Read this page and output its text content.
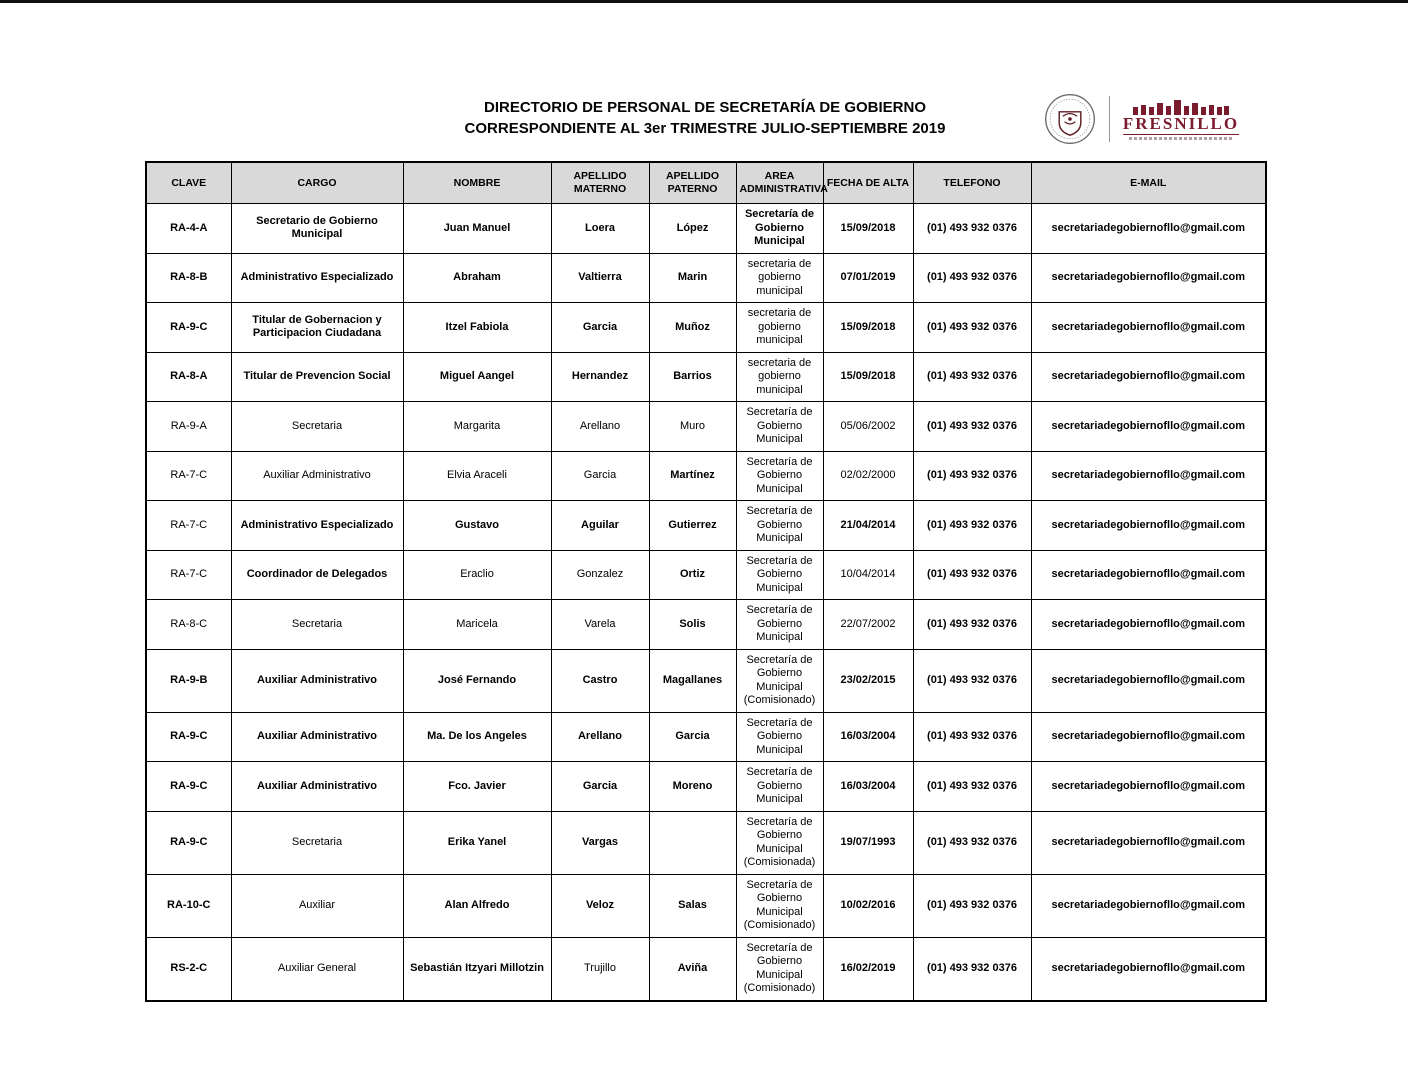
DIRECTORIO DE PERSONAL DE SECRETARÍA DE GOBIERNO
CORRESPONDIENTE AL 3er TRIMESTRE JULIO-SEPTIEMBRE 2019	FRESNILLO
CLAVE	CARGO	NOMBRE	APELLIDO MATERNO	APELLIDO PATERNO	AREA ADMINISTRATIVA	FECHA DE ALTA	TELEFONO	E-MAIL
RA-4-A	Secretario de Gobierno Municipal	Juan Manuel	Loera	López	Secretaría de Gobierno Municipal	15/09/2018	(01) 493 932 0376	secretariadegobiernofllo@gmail.com
RA-8-B	Administrativo Especializado	Abraham	Valtierra	Marin	secretaria de gobierno municipal	07/01/2019	(01) 493 932 0376	secretariadegobiernofllo@gmail.com
RA-9-C	Titular de Gobernacion y Participacion Ciudadana	Itzel Fabiola	Garcia	Muñoz	secretaria de gobierno municipal	15/09/2018	(01) 493 932 0376	secretariadegobiernofllo@gmail.com
RA-8-A	Titular de Prevencion Social	Miguel Aangel	Hernandez	Barrios	secretaria de gobierno municipal	15/09/2018	(01) 493 932 0376	secretariadegobiernofllo@gmail.com
RA-9-A	Secretaria	Margarita	Arellano	Muro	Secretaría de Gobierno Municipal	05/06/2002	(01) 493 932 0376	secretariadegobiernofllo@gmail.com
RA-7-C	Auxiliar Administrativo	Elvia Araceli	Garcia	Martínez	Secretaría de Gobierno Municipal	02/02/2000	(01) 493 932 0376	secretariadegobiernofllo@gmail.com
RA-7-C	Administrativo Especializado	Gustavo	Aguilar	Gutierrez	Secretaría de Gobierno Municipal	21/04/2014	(01) 493 932 0376	secretariadegobiernofllo@gmail.com
RA-7-C	Coordinador de Delegados	Eraclio	Gonzalez	Ortiz	Secretaría de Gobierno Municipal	10/04/2014	(01) 493 932 0376	secretariadegobiernofllo@gmail.com
RA-8-C	Secretaria	Maricela	Varela	Solis	Secretaría de Gobierno Municipal	22/07/2002	(01) 493 932 0376	secretariadegobiernofllo@gmail.com
RA-9-B	Auxiliar Administrativo	José Fernando	Castro	Magallanes	Secretaría de Gobierno Municipal (Comisionado)	23/02/2015	(01) 493 932 0376	secretariadegobiernofllo@gmail.com
RA-9-C	Auxiliar Administrativo	Ma. De los Angeles	Arellano	Garcia	Secretaría de Gobierno Municipal	16/03/2004	(01) 493 932 0376	secretariadegobiernofllo@gmail.com
RA-9-C	Auxiliar Administrativo	Fco. Javier	Garcia	Moreno	Secretaría de Gobierno Municipal	16/03/2004	(01) 493 932 0376	secretariadegobiernofllo@gmail.com
RA-9-C	Secretaria	Erika Yanel	Vargas		Secretaría de Gobierno Municipal (Comisionada)	19/07/1993	(01) 493 932 0376	secretariadegobiernofllo@gmail.com
RA-10-C	Auxiliar	Alan Alfredo	Veloz	Salas	Secretaría de Gobierno Municipal (Comisionado)	10/02/2016	(01) 493 932 0376	secretariadegobiernofllo@gmail.com
RS-2-C	Auxiliar General	Sebastián Itzyari Millotzin	Trujillo	Aviña	Secretaría de Gobierno Municipal (Comisionado)	16/02/2019	(01) 493 932 0376	secretariadegobiernofllo@gmail.com
